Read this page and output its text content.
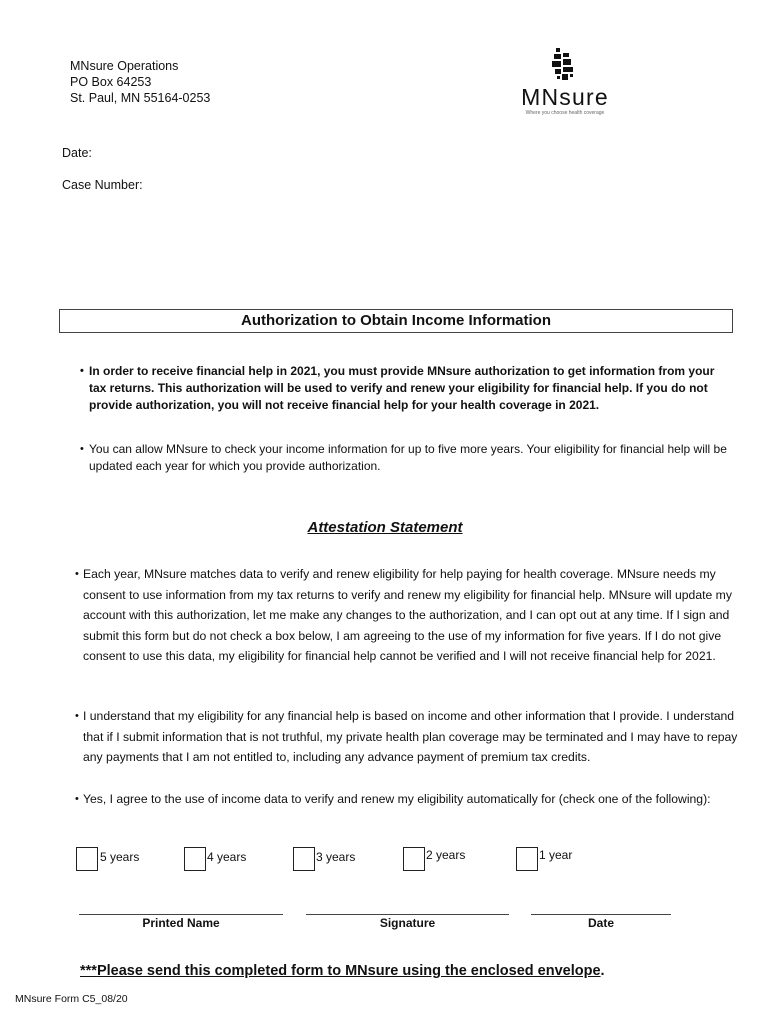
MNsure Operations
PO Box 64253
St. Paul, MN 55164-0253	MNsure
Where you choose health coverage
Date:
Case Number:
Authorization to Obtain Income Information
• In order to receive financial help in 2021, you must provide MNsure authorization to get information from your tax returns. This authorization will be used to verify and renew your eligibility for financial help. If you do not provide authorization, you will not receive financial help for your health coverage in 2021.
• You can allow MNsure to check your income information for up to five more years. Your eligibility for financial help will be updated each year for which you provide authorization.
Attestation Statement
• Each year, MNsure matches data to verify and renew eligibility for help paying for health coverage. MNsure needs my consent to use information from my tax returns to verify and renew my eligibility for financial help. MNsure will update my account with this authorization, let me make any changes to the authorization, and I can opt out at any time. If I sign and submit this form but do not check a box below, I am agreeing to the use of my information for five years. If I do not give consent to use this data, my eligibility for financial help cannot be verified and I will not receive financial help for 2021.
• I understand that my eligibility for any financial help is based on income and other information that I provide. I understand that if I submit information that is not truthful, my private health plan coverage may be terminated and I may have to repay any payments that I am not entitled to, including any advance payment of premium tax credits.
• Yes, I agree to the use of income data to verify and renew my eligibility automatically for (check one of the following):
5 years	4 years	3 years	2 years	1 year
Printed Name	Signature	Date
***Please send this completed form to MNsure using the enclosed envelope.
MNsure Form C5_08/20
